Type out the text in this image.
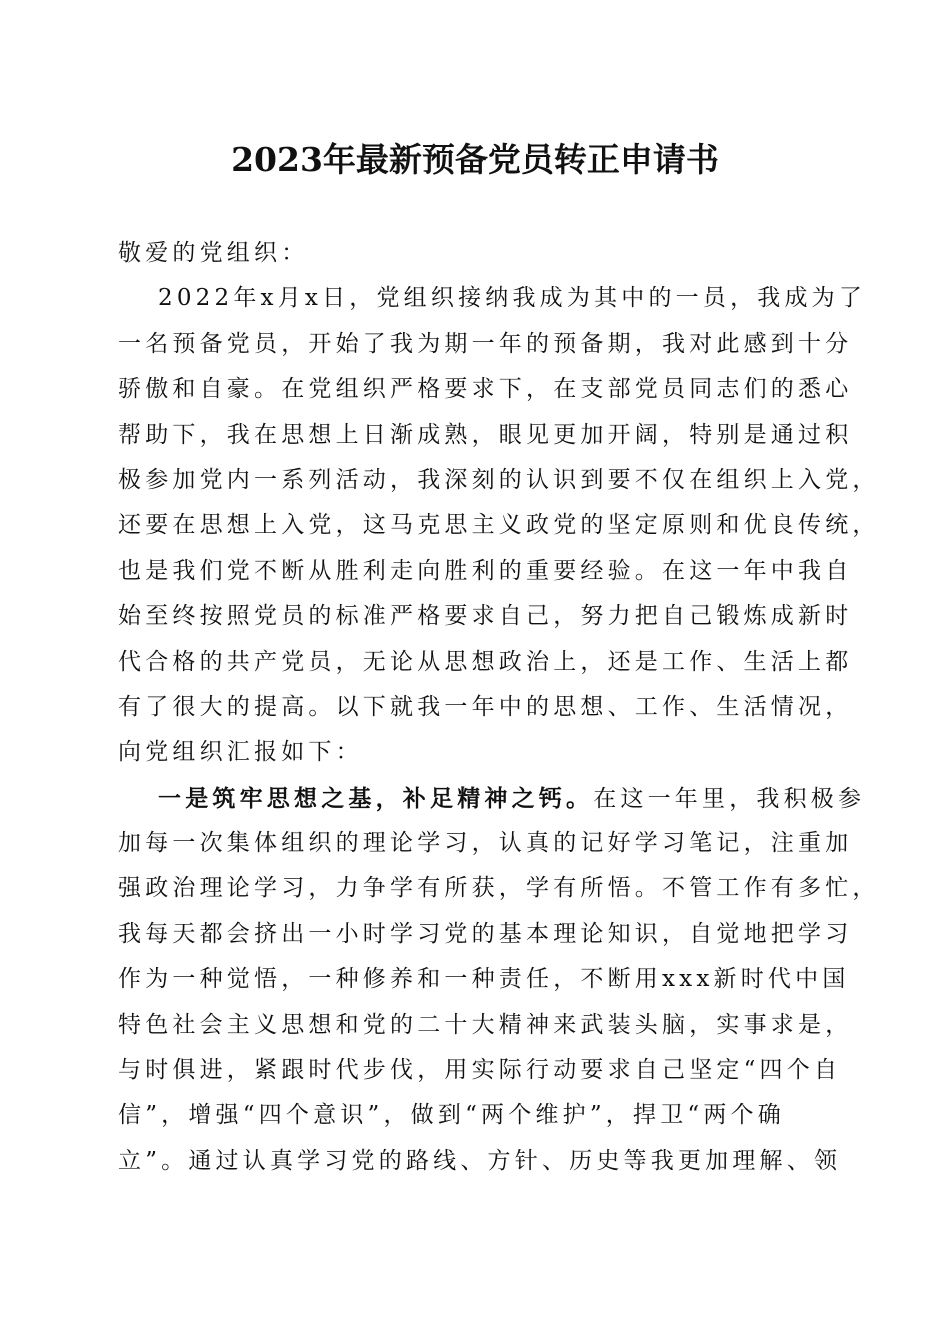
2023年最新预备党员转正申请书

敬爱的党组织：

2022年x月x日，党组织接纳我成为其中的一员，我成为了

一名预备党员，开始了我为期一年的预备期，我对此感到十分

骄傲和自豪。在党组织严格要求下，在支部党员同志们的悉心

帮助下，我在思想上日渐成熟，眼见更加开阔，特别是通过积

极参加党内一系列活动，我深刻的认识到要不仅在组织上入党，

还要在思想上入党，这马克思主义政党的坚定原则和优良传统，

也是我们党不断从胜利走向胜利的重要经验。在这一年中我自

始至终按照党员的标准严格要求自己，努力把自己锻炼成新时

代合格的共产党员，无论从思想政治上，还是工作、生活上都

有了很大的提高。以下就我一年中的思想、工作、生活情况，

向党组织汇报如下：

一是筑牢思想之基，补足精神之钙。在这一年里，我积极参

加每一次集体组织的理论学习，认真的记好学习笔记，注重加

强政治理论学习，力争学有所获，学有所悟。不管工作有多忙，

我每天都会挤出一小时学习党的基本理论知识，自觉地把学习

作为一种觉悟，一种修养和一种责任，不断用xxx新时代中国

特色社会主义思想和党的二十大精神来武装头脑，实事求是，

与时俱进，紧跟时代步伐，用实际行动要求自己坚定“四个自

信”，增强“四个意识”，做到“两个维护”，捍卫“两个确

立”。通过认真学习党的路线、方针、历史等我更加理解、领
